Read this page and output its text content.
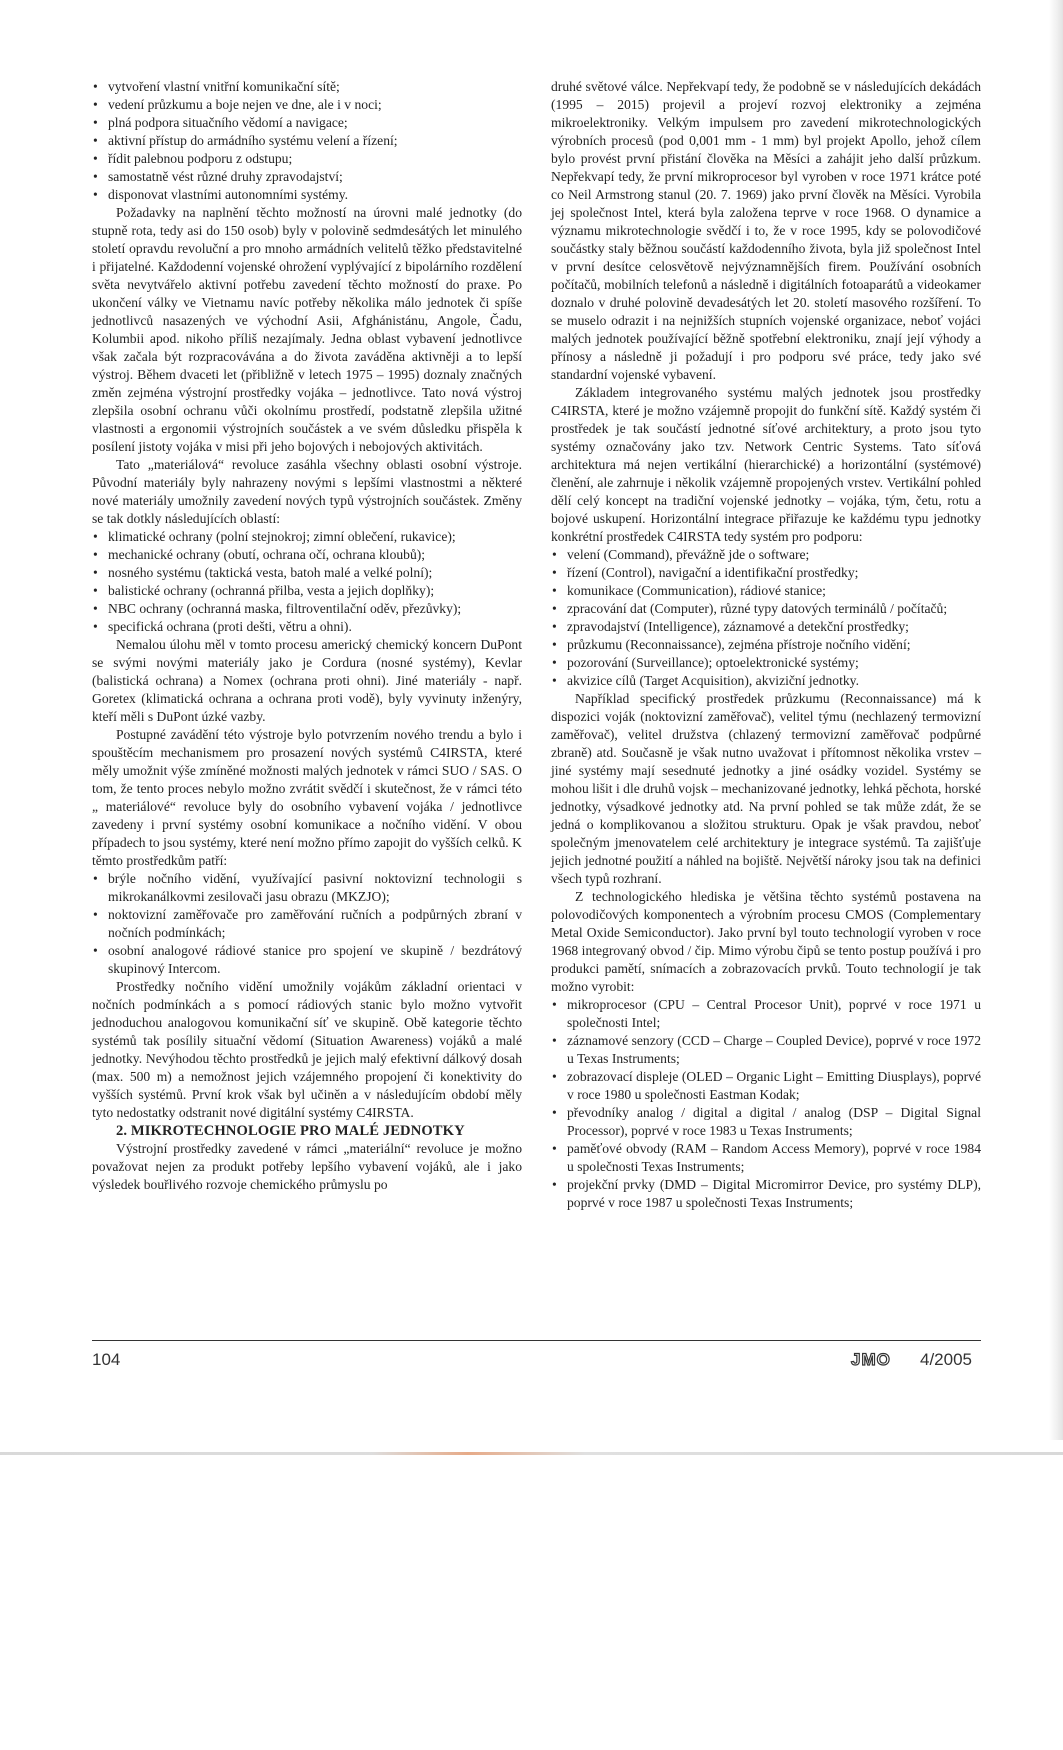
• vytvoření vlastní vnitřní komunikační sítě;
• vedení průzkumu a boje nejen ve dne, ale i v noci;
• plná podpora situačního vědomí a navigace;
• aktivní přístup do armádního systému velení a řízení;
• řídit palebnou podporu z odstupu;
• samostatně vést různé druhy zpravodajství;
• disponovat vlastními autonomními systémy.

Požadavky na naplnění těchto možností na úrovni malé jednotky (do stupně rota, tedy asi do 150 osob) byly v polovině sedmdesátých let minulého století opravdu revoluční a pro mnoho armádních velitelů těžko představitelné i přijatelné. Každodenní vojenské ohrožení vyplývající z bipolárního rozdělení světa nevytvářelo aktivní potřebu zavedení těchto možností do praxe. Po ukončení války ve Vietnamu navíc potřeby několika málo jednotek či spíše jednotlivců nasazených ve východní Asii, Afghánistánu, Angole, Čadu, Kolumbii apod. nikoho příliš nezajímaly. Jedna oblast vybavení jednotlivce však začala být rozpracovávána a do života zaváděna aktivněji a to lepší výstroj. Během dvaceti let (přibližně v letech 1975 – 1995) doznaly značných změn zejména výstrojní prostředky vojáka – jednotlivce. Tato nová výstroj zlepšila osobní ochranu vůči okolnímu prostředí, podstatně zlepšila užitné vlastnosti a ergonomii výstrojních součástek a ve svém důsledku přispěla k posílení jistoty vojáka v misi při jeho bojových i nebojových aktivitách.

Tato „materiálová“ revoluce zasáhla všechny oblasti osobní výstroje. Původní materiály byly nahrazeny novými s lepšími vlastnostmi a některé nové materiály umožnily zavedení nových typů výstrojních součástek. Změny se tak dotkly následujících oblastí:

• klimatické ochrany (polní stejnokroj; zimní oblečení, rukavice);
• mechanické ochrany (obutí, ochrana očí, ochrana kloubů);
• nosného systému (taktická vesta, batoh malé a velké polní);
• balistické ochrany (ochranná přilba, vesta a jejich doplňky);
• NBC ochrany (ochranná maska, filtroventilační oděv, přezůvky);
• specifická ochrana (proti dešti, větru a ohni).

Nemalou úlohu měl v tomto procesu americký chemický koncern DuPont se svými novými materiály jako je Cordura (nosné systémy), Kevlar (balistická ochrana) a Nomex (ochrana proti ohni). Jiné materiály - např. Goretex (klimatická ochrana a ochrana proti vodě), byly vyvinuty inženýry, kteří měli s DuPont úzké vazby.

Postupné zavádění této výstroje bylo potvrzením nového trendu a bylo i spouštěcím mechanismem pro prosazení nových systémů C4IRSTA, které měly umožnit výše zmíněné možnosti malých jednotek v rámci SUO / SAS. O tom, že tento proces nebylo možno zvrátit svědčí i skutečnost, že v rámci této „ materiálové“ revoluce byly do osobního vybavení vojáka / jednotlivce zavedeny i první systémy osobní komunikace a nočního vidění. V obou případech to jsou systémy, které není možno přímo zapojit do vyšších celků. K těmto prostředkům patří:

• brýle nočního vidění, využívající pasivní noktovizní technologii s mikrokanálkovmi zesilovači jasu obrazu (MKZJO);
• noktovizní zaměřovače pro zaměřování ručních a podpůrných zbraní v nočních podmínkách;
• osobní analogové rádiové stanice pro spojení ve skupině / bezdrátový skupinový Intercom.

Prostředky nočního vidění umožnily vojákům základní orientaci v nočních podmínkách a s pomocí rádiových stanic bylo možno vytvořit jednoduchou analogovou komunikační síť ve skupině. Obě kategorie těchto systémů tak posílily situační vědomí (Situation Awareness) vojáků a malé jednotky. Nevýhodou těchto prostředků je jejich malý efektivní dálkový dosah (max. 500 m) a nemožnost jejich vzájemného propojení či konektivity do vyšších systémů. První krok však byl učiněn a v následujícím období měly tyto nedostatky odstranit nové digitální systémy C4IRSTA.

2. MIKROTECHNOLOGIE PRO MALÉ JEDNOTKY

Výstrojní prostředky zavedené v rámci „materiální“ revoluce je možno považovat nejen za produkt potřeby lepšího vybavení vojáků, ale i jako výsledek bouřlivého rozvoje chemického průmyslu po

druhé světové válce. Nepřekvapí tedy, že podobně se v následujících dekádách (1995 – 2015) projevil a projeví rozvoj elektroniky a zejména mikroelektroniky. Velkým impulsem pro zavedení mikrotechnologických výrobních procesů (pod 0,001 mm - 1 mm) byl projekt Apollo, jehož cílem bylo provést první přistání člověka na Měsíci a zahájit jeho další průzkum. Nepřekvapí tedy, že první mikroprocesor byl vyroben v roce 1971 krátce poté co Neil Armstrong stanul (20. 7. 1969) jako první člověk na Měsíci. Vyrobila jej společnost Intel, která byla založena teprve v roce 1968. O dynamice a významu mikrotechnologie svědčí i to, že v roce 1995, kdy se polovodičové součástky staly běžnou součástí každodenního života, byla již společnost Intel v první desítce celosvětově nejvýznamnějších firem. Používání osobních počítačů, mobilních telefonů a následně i digitálních fotoaparátů a videokamer doznalo v druhé polovině devadesátých let 20. století masového rozšíření. To se muselo odrazit i na nejnižších stupních vojenské organizace, neboť vojáci malých jednotek používající běžně spotřební elektroniku, znají její výhody a přínosy a následně ji požadují i pro podporu své práce, tedy jako své standardní vojenské vybavení.

Základem integrovaného systému malých jednotek jsou prostředky C4IRSTA, které je možno vzájemně propojit do funkční sítě. Každý systém či prostředek je tak součástí jednotné síťové architektury, a proto jsou tyto systémy označovány jako tzv. Network Centric Systems. Tato síťová architektura má nejen vertikální (hierarchické) a horizontální (systémové) členění, ale zahrnuje i několik vzájemně propojených vrstev. Vertikální pohled dělí celý koncept na tradiční vojenské jednotky – vojáka, tým, četu, rotu a bojové uskupení. Horizontální integrace přiřazuje ke každému typu jednotky konkrétní prostředek C4IRSTA tedy systém pro podporu:

• velení (Command), převážně jde o software;
• řízení (Control), navigační a identifikační prostředky;
• komunikace (Communication), rádiové stanice;
• zpracování dat (Computer), různé typy datových terminálů / počítačů;
• zpravodajství (Intelligence), záznamové a detekční prostředky;
• průzkumu (Reconnaissance), zejména přístroje nočního vidění;
• pozorování (Surveillance); optoelektronické systémy;
• akvizice cílů (Target Acquisition), akviziční jednotky.

Například specifický prostředek průzkumu (Reconnaissance) má k dispozici voják (noktovizní zaměřovač), velitel týmu (nechlazený termovizní zaměřovač), velitel družstva (chlazený termovizní zaměřovač podpůrné zbraně) atd. Současně je však nutno uvažovat i přítomnost několika vrstev – jiné systémy mají sesednuté jednotky a jiné osádky vozidel. Systémy se mohou lišit i dle druhů vojsk – mechanizované jednotky, lehká pěchota, horské jednotky, výsadkové jednotky atd. Na první pohled se tak může zdát, že se jedná o komplikovanou a složitou strukturu. Opak je však pravdou, neboť společným jmenovatelem celé architektury je integrace systémů. Ta zajišťuje jejich jednotné použití a náhled na bojiště. Největší nároky jsou tak na definici všech typů rozhraní.

Z technologického hlediska je většina těchto systémů postavena na polovodičových komponentech a výrobním procesu CMOS (Complementary Metal Oxide Semiconductor). Jako první byl touto technologií vyroben v roce 1968 integrovaný obvod / čip. Mimo výrobu čipů se tento postup používá i pro produkci pamětí, snímacích a zobrazovacích prvků. Touto technologií je tak možno vyrobit:

• mikroprocesor (CPU – Central Procesor Unit), poprvé v roce 1971 u společnosti Intel;
• záznamové senzory (CCD – Charge – Coupled Device), poprvé v roce 1972 u Texas Instruments;
• zobrazovací displeje (OLED – Organic Light – Emitting Diusplays), poprvé v roce 1980 u společnosti Eastman Kodak;
• převodníky analog / digital a digital / analog (DSP – Digital Signal Processor), poprvé v roce 1983 u Texas Instruments;
• paměťové obvody (RAM – Random Access Memory), poprvé v roce 1984 u společnosti Texas Instruments;
• projekční prvky (DMD – Digital Micromirror Device, pro systémy DLP), poprvé v roce 1987 u společnosti Texas Instruments;
104	JMO 4/2005
